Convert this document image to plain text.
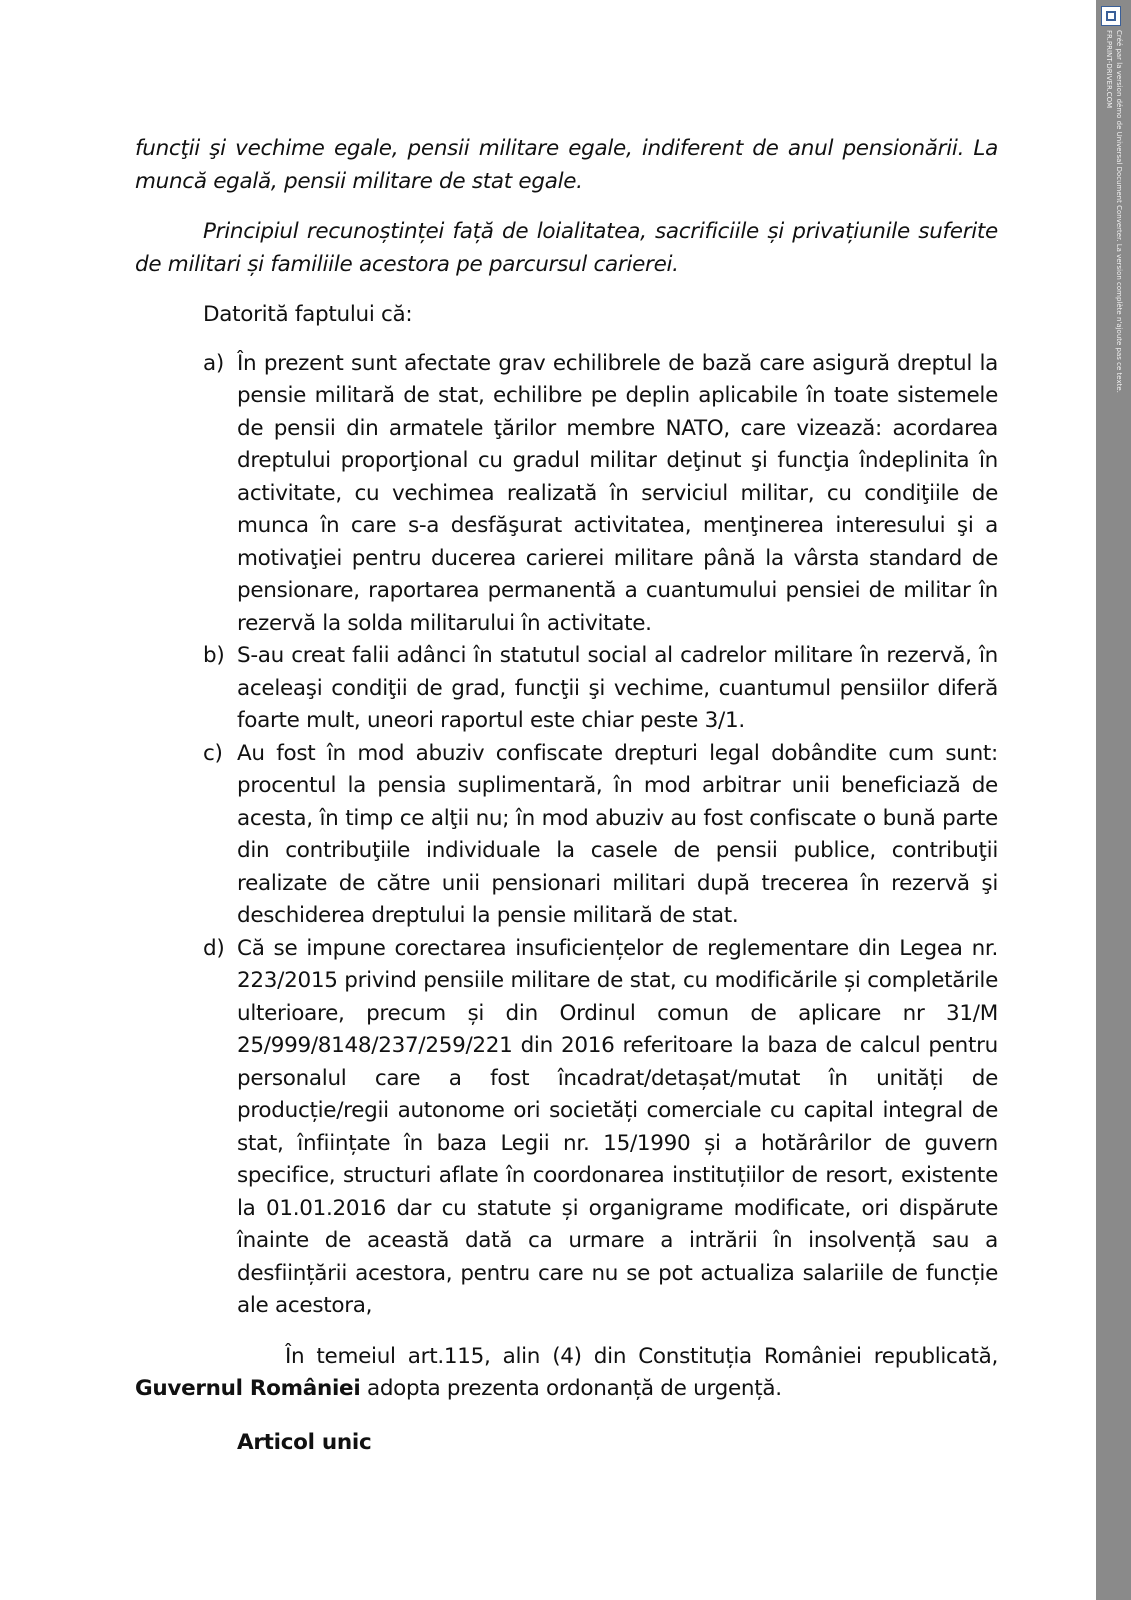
funcţii şi vechime egale, pensii militare egale, indiferent de anul pensionării. La muncă egală, pensii militare de stat egale.

Principiul recunoștinței față de loialitatea, sacrificiile și privațiunile suferite de militari și familiile acestora pe parcursul carierei.

Datorită faptului că:

a) În prezent sunt afectate grav echilibrele de bază care asigură dreptul la pensie militară de stat, echilibre pe deplin aplicabile în toate sistemele de pensii din armatele ţărilor membre NATO, care vizează: acordarea dreptului proporţional cu gradul militar deţinut şi funcţia îndeplinita în activitate, cu vechimea realizată în serviciul militar, cu condiţiile de munca în care s-a desfăşurat activitatea, menţinerea interesului şi a motivaţiei pentru ducerea carierei militare până la vârsta standard de pensionare, raportarea permanentă a cuantumului pensiei de militar în rezervă la solda militarului în activitate.
b) S-au creat falii adânci în statutul social al cadrelor militare în rezervă, în aceleaşi condiţii de grad, funcţii şi vechime, cuantumul pensiilor diferă foarte mult, uneori raportul este chiar peste 3/1.
c) Au fost în mod abuziv confiscate drepturi legal dobândite cum sunt: procentul la pensia suplimentară, în mod arbitrar unii beneficiază de acesta, în timp ce alţii nu; în mod abuziv au fost confiscate o bună parte din contribuţiile individuale la casele de pensii publice, contribuţii realizate de către unii pensionari militari după trecerea în rezervă şi deschiderea dreptului la pensie militară de stat.
d) Că se impune corectarea insuficiențelor de reglementare din Legea nr. 223/2015 privind pensiile militare de stat, cu modificările și completările ulterioare, precum și din Ordinul comun de aplicare nr 31/M 25/999/8148/237/259/221 din 2016 referitoare la baza de calcul pentru personalul care a fost încadrat/detașat/mutat în unități de producție/regii autonome ori societăți comerciale cu capital integral de stat, înființate în baza Legii nr. 15/1990 și a hotărârilor de guvern specifice, structuri aflate în coordonarea instituțiilor de resort, existente la 01.01.2016 dar cu statute și organigrame modificate, ori dispărute înainte de această dată ca urmare a intrării în insolvență sau a desființării acestora, pentru care nu se pot actualiza salariile de funcție ale acestora,

În temeiul art.115, alin (4) din Constituția României republicată, Guvernul României adopta prezenta ordonanță de urgență.

Articol unic

Créé par la version démo de Universal Document Converter. La version complète n'ajoute pas ce texte.
FR.PRINT-DRIVER.COM
